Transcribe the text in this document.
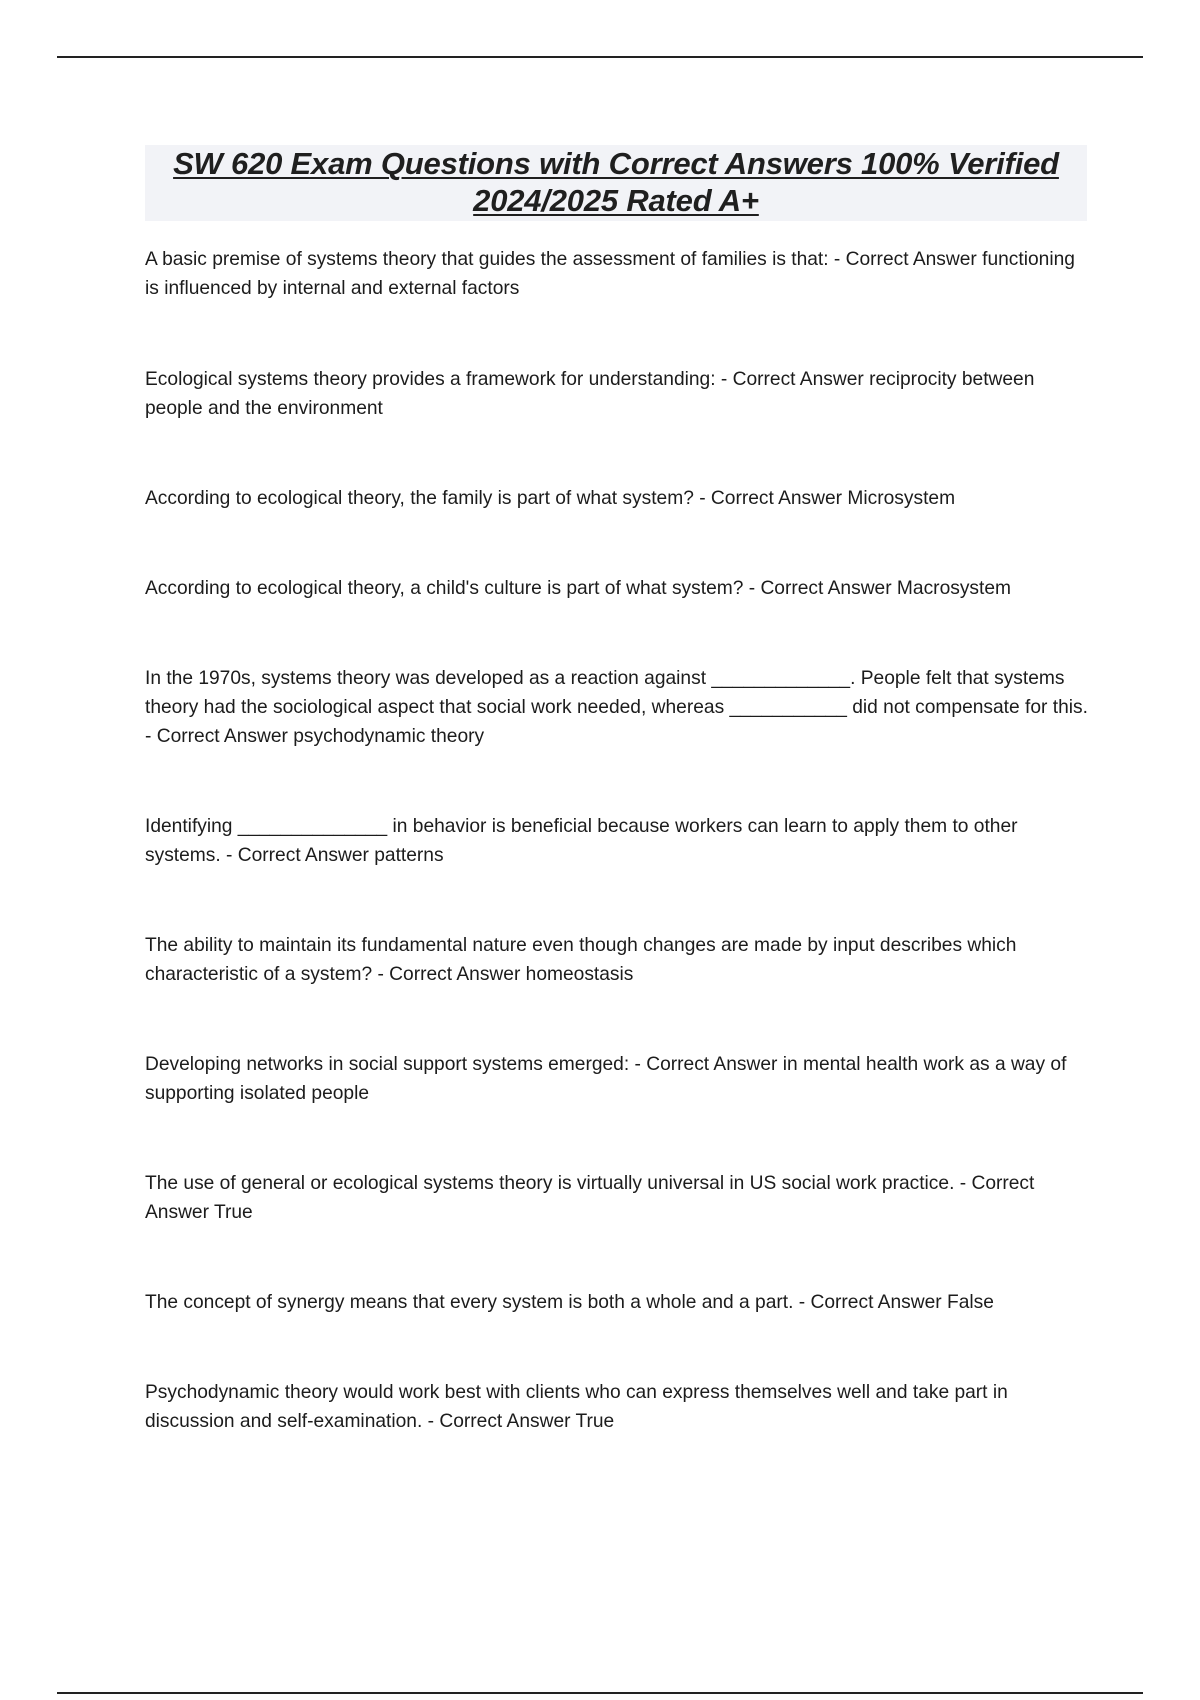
SW 620 Exam Questions with Correct Answers 100% Verified
2024/2025 Rated A+
A basic premise of systems theory that guides the assessment of families is that: - Correct Answer functioning is influenced by internal and external factors
Ecological systems theory provides a framework for understanding: - Correct Answer reciprocity between people and the environment
According to ecological theory, the family is part of what system? - Correct Answer Microsystem
According to ecological theory, a child's culture is part of what system? - Correct Answer Macrosystem
In the 1970s, systems theory was developed as a reaction against _____________. People felt that systems theory had the sociological aspect that social work needed, whereas ___________ did not compensate for this. - Correct Answer psychodynamic theory
Identifying ______________ in behavior is beneficial because workers can learn to apply them to other systems. - Correct Answer patterns
The ability to maintain its fundamental nature even though changes are made by input describes which characteristic of a system? - Correct Answer homeostasis
Developing networks in social support systems emerged: - Correct Answer in mental health work as a way of supporting isolated people
The use of general or ecological systems theory is virtually universal in US social work practice. - Correct Answer True
The concept of synergy means that every system is both a whole and a part. - Correct Answer False
Psychodynamic theory would work best with clients who can express themselves well and take part in discussion and self-examination. - Correct Answer True
